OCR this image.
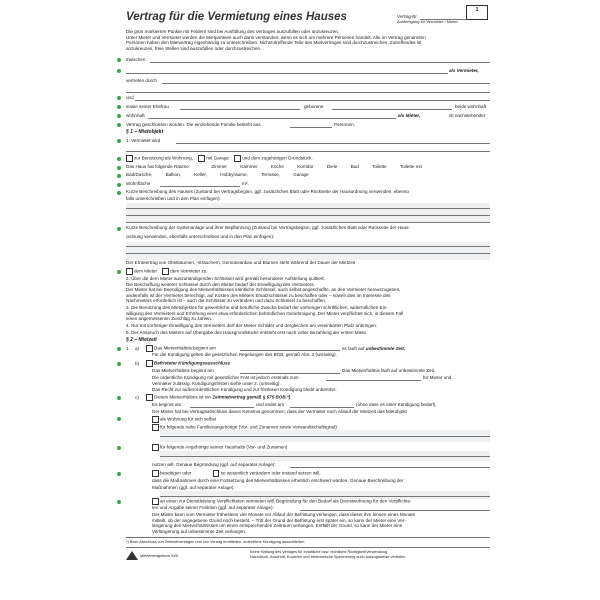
Vertrag für die Vermietung eines Hauses	Vertrag-Nr.
Ausfertigung für Vermieter / Mieter
1
Die grün markierten Punkte mit Feldern sind bei Ausfüllung des Vertrages auszufüllen oder anzukreuzen.
Unter Mieter und Vermieter werden die Mietparteien auch dann verstanden, wenn es sich um mehrere Personen handelt. Alle im Vertrag genannten
Personen haben den Mietvertrag eigenhändig zu unterschreiben. Nichtzutreffende Teile des Mietvertrages sind durchzustreichen, Zutreffendes ist
anzukreuzen, freie Stellen sind auszufüllen oder durchzustreichen.
Zwischen
als Vermieter,
vertreten durch
und
sowie seiner Ehefrau	geborene	beide wohnhaft
wohnhaft	als Mieter,	ist nachstehender
Vertrag geschlossen worden. Die einziehende Familie besteht aus	Personen.
§ 1 – Mietobjekt
1. Vermietet wird
zur Benutzung als Wohnung,	mit Garage	und dem zugehörigen Grundstück.
Das Haus hat folgende Räume:	Zimmer	Kammer	Küche	Korridor	Diele	Bad	Toilette	Toilette mit
Bad/Dusche,	Balkon,	Keller,	Hobbyräume,	Terrasse,	Garage
Wohnfläche	m².
Kurze Beschreibung des Hauses (Zustand bei Vertragsbeginn, ggf. zusätzliches Blatt oder Rückseite der Hausordnung verwenden, ebenso
falls unterschrieben und in den Plan einfügen):
Kurze Beschreibung der Gartenanlage und ihrer Bepflanzung (Zustand bei Vertragsbeginn, ggf. zusätzliches Blatt oder Rückseite der Haus-
ordnung verwenden, ebenfalls unterschreiben und in den Plan einfügen):
Der Ernteertrag von Obstbäumen, -sträuchern, Gemüseanbau und Blumen steht während der Dauer der Mietzeit
dem Mieter	dem Vermieter zu.
2. Über die dem Mieter auszuhändigenden Schlüssel wird gemäß besonderer Aufstellung quittiert.
Die Beschaffung weiterer Schlüssel durch den Mieter bedarf der Einwilligung des Vermieters.
Der Mieter hat bei Beendigung des Mietverhältnisses sämtliche Schlüssel, auch selbst angeschaffte, an den Vermieter herauszugeben,
andernfalls ist der Vermieter berechtigt, auf Kosten des Mieters Ersatzschlüssel zu beschaffen oder – soweit dies im Interesse des
Nachmieters erforderlich ist – auch die Schlösser zu verändern und dazu Schlüssel zu beschaffen.
3. Die Benutzung des Mietobjektes für gewerbliche und berufliche Zwecke bedarf der vorherigen schriftlichen, widerruflichen Ein-
willigung des Vermieters und Erhöhung einer etwa erforderlichen behördlichen Genehmigung. Der Mieter verpflichtet sich, in diesem Fall
einen angemessenen Zuschlag zu zahlen.
4. Nur mit vorheriger Einwilligung des Vermieters darf der Mieter Schilder und dergleichen am vereinbarten Platz anbringen.
5. Der Anspruch des Mieters auf Übergabe des Hausgrundstücks entsteht erst nach voller Bezahlung der ersten Miete.
§ 2 – Mietzeit
1. a)	Das Mietverhältnis beginnt am	es läuft auf unbestimmte Zeit.
Für die Kündigung gelten die gesetzlichen Regelungen des BGB, gemäß Abs. 2 (umseitig).
b)	Befristeter Kündigungsausschluss
Das Mietverhältnis beginnt am	Das Mietverhältnis läuft auf unbestimmte Zeit.
Die ordentliche Kündigung mit gesetzlicher Frist ist jedoch erstmals zum	für Mieter und
Vermieter zulässig. Kündigungsfristen siehe unter 2. (umseitig).
Das Recht zur außerordentlichen Kündigung und zur fristlosen Kündigung bleibt unberührt.
c)	Dieses Mietverhältnis ist ein Zeitmietvertrag gemäß § 575 BGB.*)
Es beginnt am	und endet am	(ohne dass es einer Kündigung bedarf).
Der Mieter hat bei Vertragsabschluss davon Kenntnis genommen, dass der Vermieter nach Ablauf der Mietzeit das Mietobjekt
als Wohnung für sich selbst
für folgende nahe Familienangehörige (Vor- und Zunamen sowie Verwandtschaftsgrad)
für folgende Angehörige seines Haushalts (Vor- und Zunamen)
nutzen will. Genaue Begründung (ggf. auf separater Anlage):
beseitigen oder	so wesentlich verändern oder instand setzen will,
dass die Maßnahmen durch eine Fortsetzung des Mietverhältnisses erheblich erschwert würden. Genaue Beschreibung der
Maßnahmen (ggf. auf separater Anlage):
an einen zur Dienstleistung Verpflichteten vermieten will. Begründung für den Bedarf als Dienstwohnung für den Verpflichte-
ten und Angabe seiner Funktion (ggf. auf separater Anlage):
Der Mieter kann vom Vermieter frühestens vier Monate vor Ablauf der Befristung verlangen, dass dieser ihm binnen eines Monats
mitteilt, ob der angegebene Grund noch besteht. – Tritt der Grund der Befristung erst später ein, so kann der Mieter eine Ver-
längerung des Mietverhältnisses um einen entsprechenden Zeitraum verlangen. Entfällt der Grund, so kann der Mieter eine
Verlängerung auf unbestimmte Zeit verlangen.
*) Beim Abschluss von Zeitmietverträgen und von Vertrag ermittelten, ordentliche Kündigung ausschließen.
Mietvertragsform 546
Keine Haftung des Verlages für inhaltliche bzw. rechtliche Richtigkeit/Verwendung
Nachdruck, Abschrift, Kopieren und elektronische Speicherung auch auszugsweise verboten
